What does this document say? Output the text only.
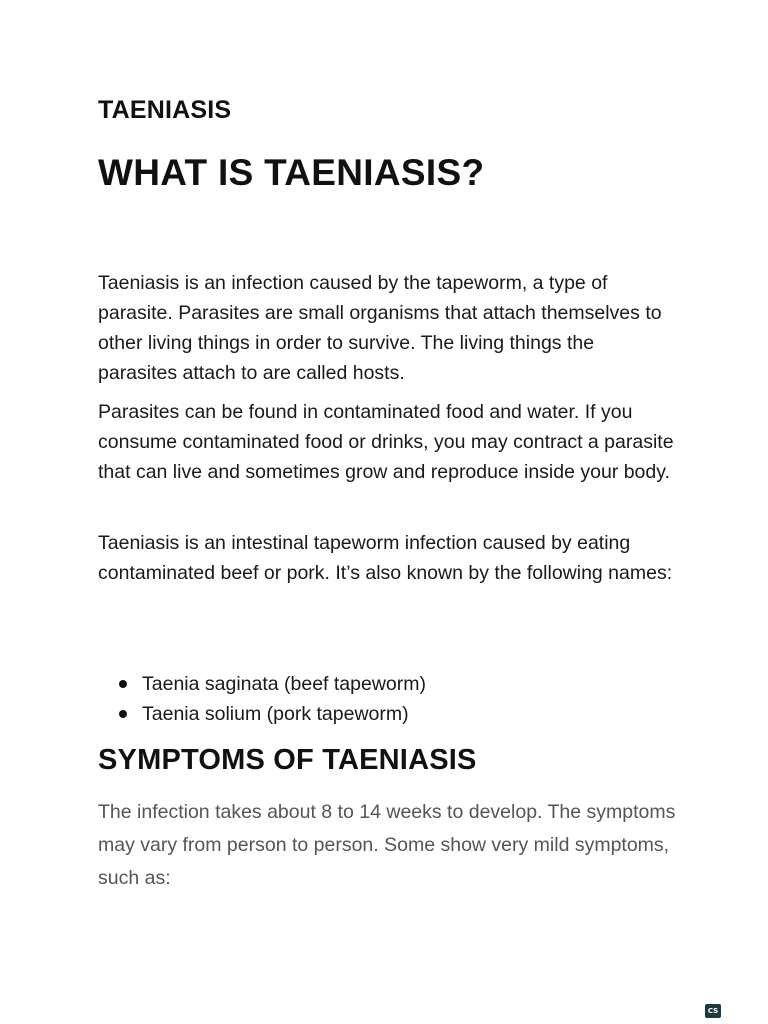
TAENIASIS
WHAT IS TAENIASIS?

Taeniasis is an infection caused by the tapeworm, a type of parasite. Parasites are small organisms that attach themselves to other living things in order to survive. The living things the parasites attach to are called hosts.

Parasites can be found in contaminated food and water. If you consume contaminated food or drinks, you may contract a parasite that can live and sometimes grow and reproduce inside your body.

Taeniasis is an intestinal tapeworm infection caused by eating contaminated beef or pork. It’s also known by the following names:

Taenia saginata (beef tapeworm)
Taenia solium (pork tapeworm)
SYMPTOMS OF TAENIASIS

The infection takes about 8 to 14 weeks to develop. The symptoms may vary from person to person. Some show very mild symptoms, such as:

CS
